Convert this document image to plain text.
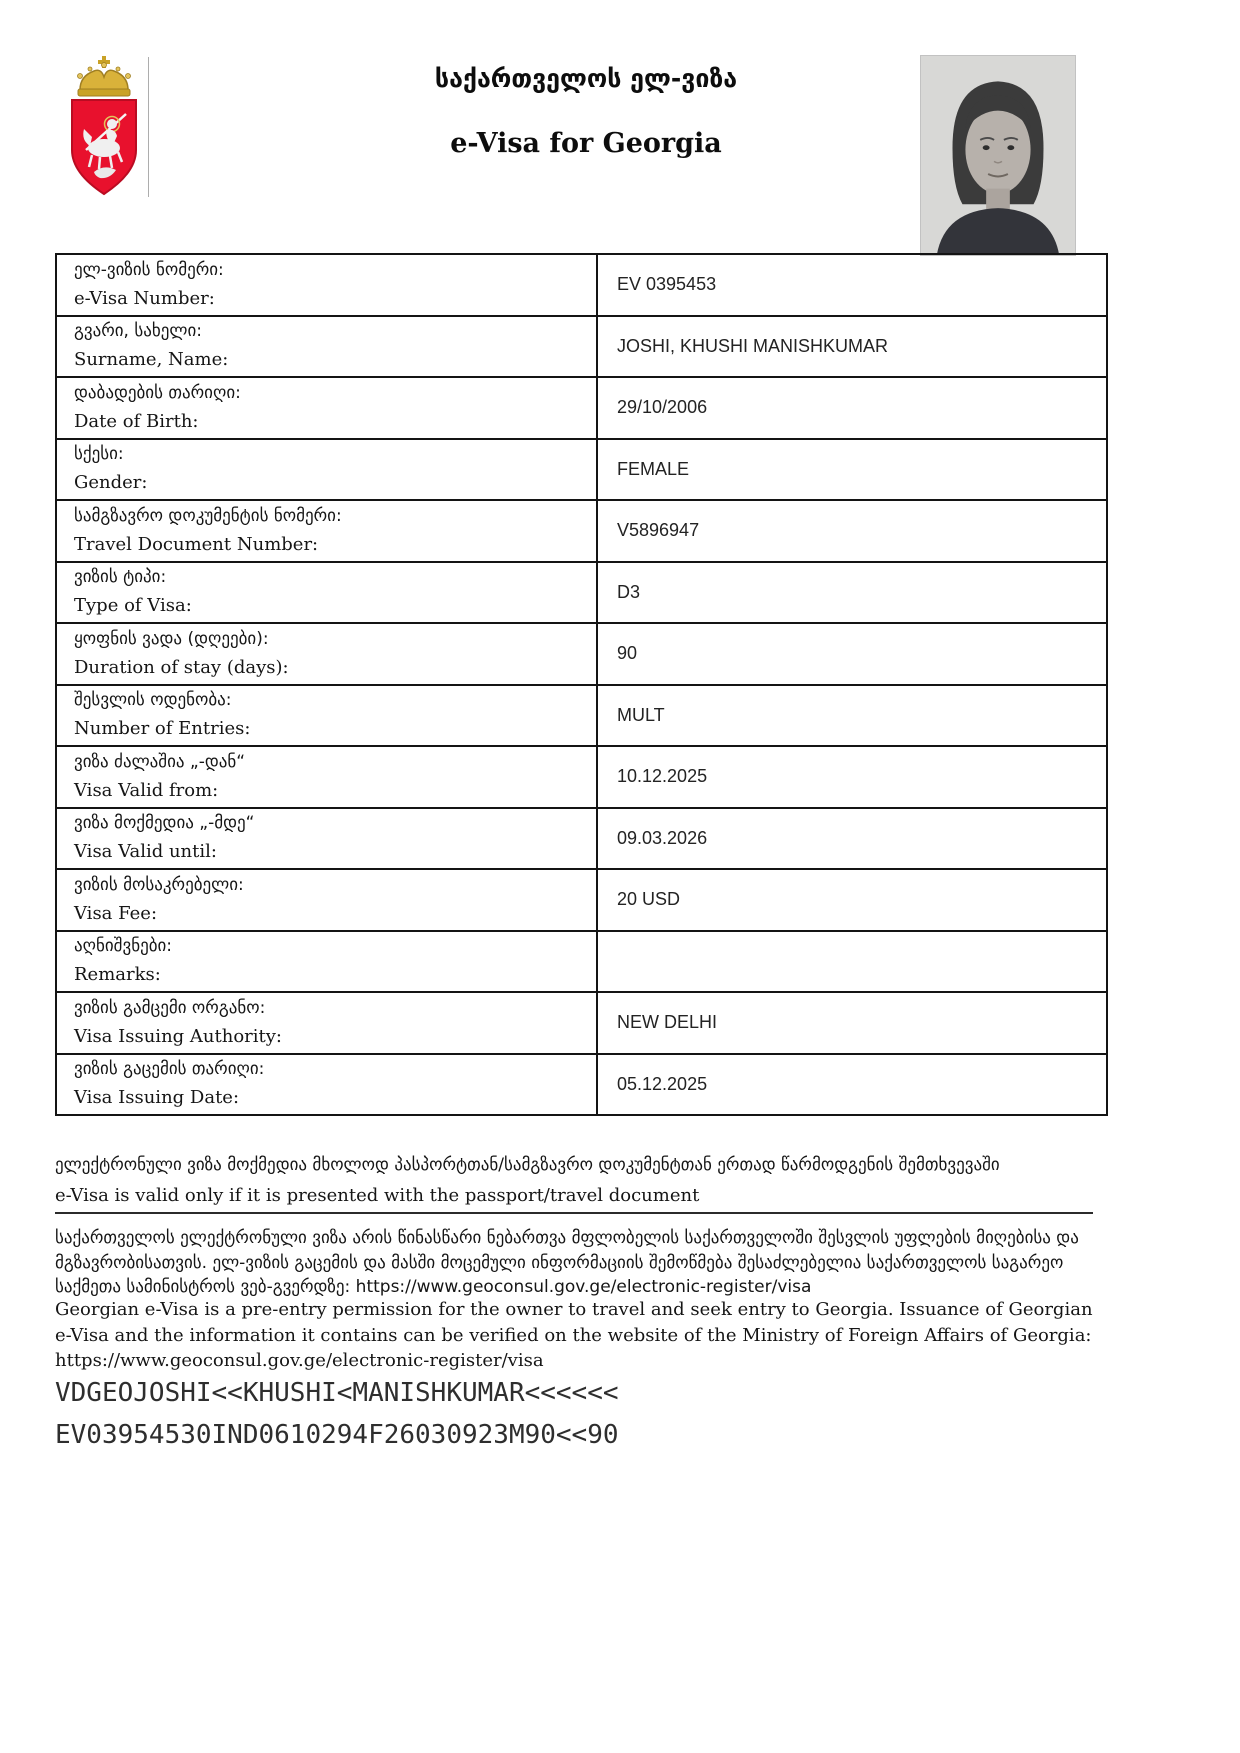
საქართველოს ელ-ვიზა
e-Visa for Georgia
ელ-ვიზის ნომერი:
e-Visa Number:	EV 0395453

გვარი, სახელი:
Surname, Name:	JOSHI, KHUSHI MANISHKUMAR

დაბადების თარიღი:
Date of Birth:	29/10/2006

სქესი:
Gender:	FEMALE

სამგზავრო დოკუმენტის ნომერი:
Travel Document Number:	V5896947

ვიზის ტიპი:
Type of Visa:	D3

ყოფნის ვადა (დღეები):
Duration of stay (days):	90

შესვლის ოდენობა:
Number of Entries:	MULT

ვიზა ძალაშია „-დან“
Visa Valid from:	10.12.2025

ვიზა მოქმედია „-მდე“
Visa Valid until:	09.03.2026

ვიზის მოსაკრებელი:
Visa Fee:	20 USD

აღნიშვნები:
Remarks:	

ვიზის გამცემი ორგანო:
Visa Issuing Authority:	NEW DELHI

ვიზის გაცემის თარიღი:
Visa Issuing Date:	05.12.2025
ელექტრონული ვიზა მოქმედია მხოლოდ პასპორტთან/სამგზავრო დოკუმენტთან ერთად წარმოდგენის შემთხვევაში
e-Visa is valid only if it is presented with the passport/travel document
საქართველოს ელექტრონული ვიზა არის წინასწარი ნებართვა მფლობელის საქართველოში შესვლის უფლების მიღებისა და მგზავრობისათვის. ელ-ვიზის გაცემის და მასში მოცემული ინფორმაციის შემოწმება შესაძლებელია საქართველოს საგარეო საქმეთა სამინისტროს ვებ-გვერდზე: https://www.geoconsul.gov.ge/electronic-register/visa
Georgian e-Visa is a pre-entry permission for the owner to travel and seek entry to Georgia. Issuance of Georgian e-Visa and the information it contains can be verified on the website of the Ministry of Foreign Affairs of Georgia: https://www.geoconsul.gov.ge/electronic-register/visa
VDGEOJOSHI<<KHUSHI<MANISHKUMAR<<<<<<
EV03954530IND0610294F26030923M90<<90
